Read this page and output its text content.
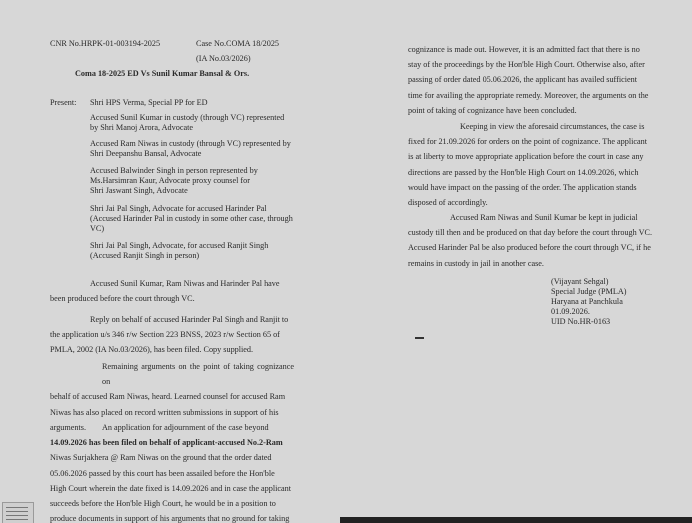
CNR No.HRPK-01-003194-2025	Case No.COMA 18/2025
(IA No.03/2026)
Coma 18-2025 ED Vs Sunil Kumar Bansal & Ors.
Present: Shri HPS Verma, Special PP for ED
Accused Sunil Kumar in custody (through VC) represented
by Shri Manoj Arora, Advocate
Accused Ram Niwas in custody (through VC) represented by
Shri Deepanshu Bansal, Advocate
Accused Balwinder Singh in person represented by
Ms.Harsimran Kaur, Advocate proxy counsel for
Shri Jaswant Singh, Advocate
Shri Jai Pal Singh, Advocate for accused Harinder Pal
(Accused Harinder Pal in custody in some other case, through
VC)
Shri Jai Pal Singh, Advocate, for accused Ranjit Singh
(Accused Ranjit Singh in person)
Accused Sunil Kumar, Ram Niwas and Harinder Pal have
been produced before the court through VC.
Reply on behalf of accused Harinder Pal Singh and Ranjit to
the application u/s 346 r/w Section 223 BNSS, 2023 r/w Section 65 of
PMLA, 2002 (IA No.03/2026), has been filed. Copy supplied.
Remaining arguments on the point of taking cognizance on
behalf of accused Ram Niwas, heard. Learned counsel for accused Ram
Niwas has also placed on record written submissions in support of his
arguments.	An application for adjournment of the case beyond
14.09.2026 has been filed on behalf of applicant-accused No.2-Ram
Niwas Surjakhera @ Ram Niwas on the ground that the order dated
05.06.2026 passed by this court has been assailed before the Hon'ble
High Court wherein the date fixed is 14.09.2026 and in case the applicant
succeeds before the Hon'ble High Court, he would be in a position to
produce documents in support of his arguments that no ground for taking
cognizance is made out. However, it is an admitted fact that there is no
stay of the proceedings by the Hon'ble High Court. Otherwise also, after
passing of order dated 05.06.2026, the applicant has availed sufficient
time for availing the appropriate remedy. Moreover, the arguments on the
point of taking of cognizance have been concluded.
Keeping in view the aforesaid circumstances, the case is
fixed for 21.09.2026 for orders on the point of cognizance. The applicant
is at liberty to move appropriate application before the court in case any
directions are passed by the Hon'ble High Court on 14.09.2026, which
would have impact on the passing of the order. The application stands
disposed of accordingly.
Accused Ram Niwas and Sunil Kumar be kept in judicial
custody till then and be produced on that day before the court through VC.
Accused Harinder Pal be also produced before the court through VC, if he
remains in custody in jail in another case.
(Vijayant Sehgal)
Special Judge (PMLA)
Haryana at Panchkula
01.09.2026.
UID No.HR-0163
